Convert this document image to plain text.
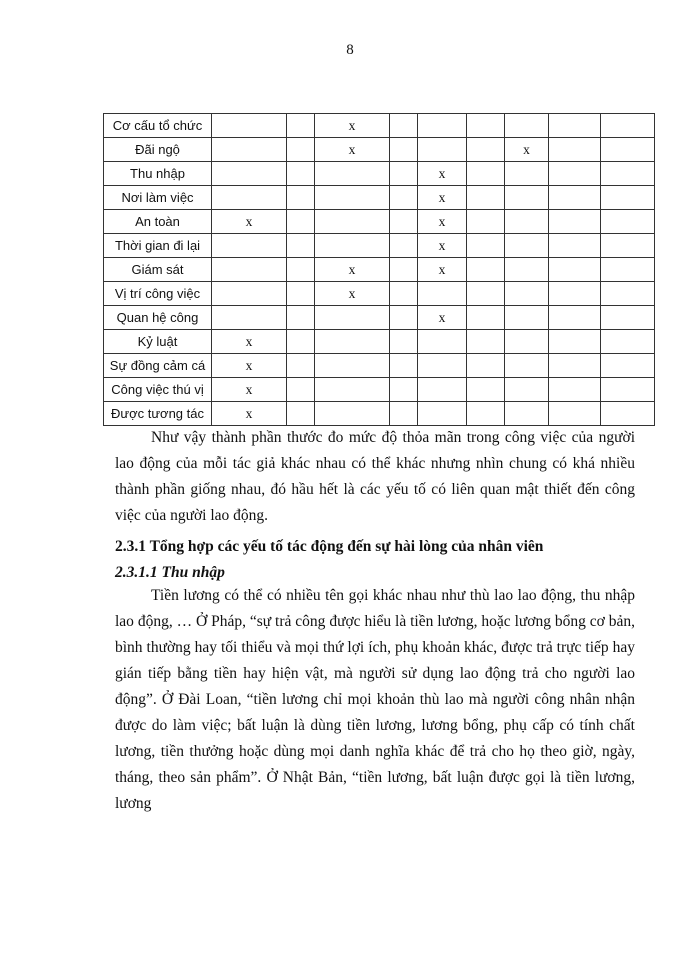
8
Cơ cấu tổ chức			x						
Đãi ngộ			x				x		
Thu nhập					x				
Nơi làm việc					x				
An toàn	x				x				
Thời gian đi lại					x				
Giám sát			x		x				
Vị trí công việc			x						
Quan hệ công					x				
Kỷ luật	x								
Sự đồng cảm cá	x								
Công việc thú vị	x								
Được tương tác	x								
Như vậy thành phần thước đo mức độ thỏa mãn trong công việc của người lao động của mỗi tác giả khác nhau có thể khác nhưng nhìn chung có khá nhiều thành phần giống nhau, đó hầu hết là các yếu tố có liên quan mật thiết đến công việc của người lao động.
2.3.1 Tổng hợp các yếu tố tác động đến sự hài lòng của nhân viên
2.3.1.1 Thu nhập
Tiền lương có thể có nhiều tên gọi khác nhau như thù lao lao động, thu nhập lao động, … Ở Pháp, “sự trả công được hiểu là tiền lương, hoặc lương bổng cơ bản, bình thường hay tối thiểu và mọi thứ lợi ích, phụ khoản khác, được trả trực tiếp hay gián tiếp bằng tiền hay hiện vật, mà người sử dụng lao động trả cho người lao động”. Ở Đài Loan, “tiền lương chỉ mọi khoản thù lao mà người công nhân nhận được do làm việc; bất luận là dùng tiền lương, lương bổng, phụ cấp có tính chất lương, tiền thưởng hoặc dùng mọi danh nghĩa khác để trả cho họ theo giờ, ngày, tháng, theo sản phẩm”. Ở Nhật Bản, “tiền lương, bất luận được gọi là tiền lương, lương
